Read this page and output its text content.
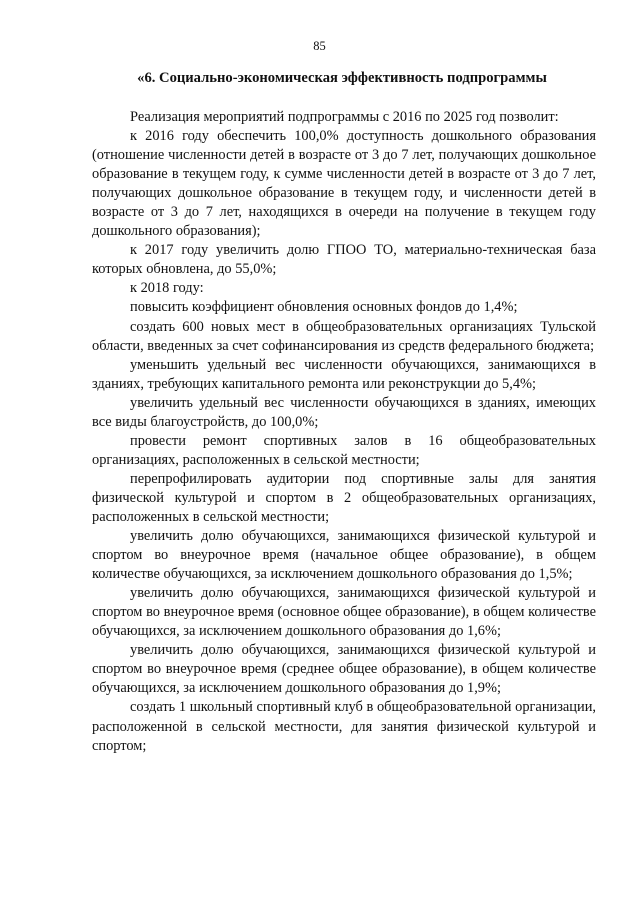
85
«6. Социально-экономическая эффективность подпрограммы

Реализация мероприятий подпрограммы с 2016 по 2025 год позволит:

к 2016 году обеспечить 100,0% доступность дошкольного образования (отношение численности детей в возрасте от 3 до 7 лет, получающих дошкольное образование в текущем году, к сумме численности детей в возрасте от 3 до 7 лет, получающих дошкольное образование в текущем году, и численности детей в возрасте от 3 до 7 лет, находящихся в очереди на получение в текущем году дошкольного образования);

к 2017 году увеличить долю ГПОО ТО, материально-техническая база которых обновлена, до 55,0%;

к 2018 году:

повысить коэффициент обновления основных фондов до 1,4%;

создать 600 новых мест в общеобразовательных организациях Тульской области, введенных за счет софинансирования из средств федерального бюджета;

уменьшить удельный вес численности обучающихся, занимающихся в зданиях, требующих капитального ремонта или реконструкции до 5,4%;

увеличить удельный вес численности обучающихся в зданиях, имеющих все виды благоустройств, до 100,0%;

провести ремонт спортивных залов в 16 общеобразовательных организациях, расположенных в сельской местности;

перепрофилировать аудитории под спортивные залы для занятия физической культурой и спортом в 2 общеобразовательных организациях, расположенных в сельской местности;

увеличить долю обучающихся, занимающихся физической культурой и спортом во внеурочное время (начальное общее образование), в общем количестве обучающихся, за исключением дошкольного образования до 1,5%;

увеличить долю обучающихся, занимающихся физической культурой и спортом во внеурочное время (основное общее образование), в общем количестве обучающихся, за исключением дошкольного образования до 1,6%;

увеличить долю обучающихся, занимающихся физической культурой и спортом во внеурочное время (среднее общее образование), в общем количестве обучающихся, за исключением дошкольного образования до 1,9%;

создать 1 школьный спортивный клуб в общеобразовательной организации, расположенной в сельской местности, для занятия физической культурой и спортом;
